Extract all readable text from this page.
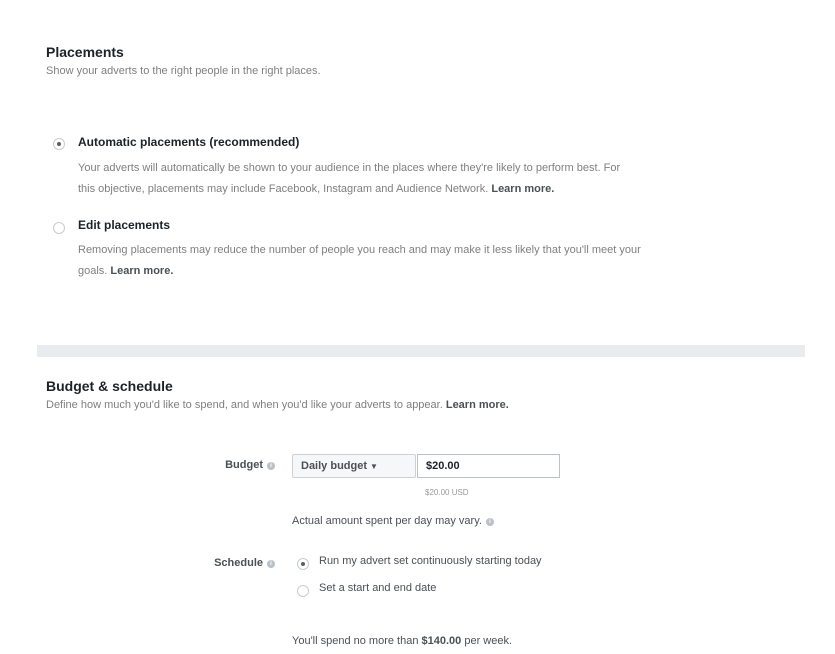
Placements
Show your adverts to the right people in the right places.
Automatic placements (recommended)
Your adverts will automatically be shown to your audience in the places where they're likely to perform best. For
this objective, placements may include Facebook, Instagram and Audience Network. Learn more.
Edit placements
Removing placements may reduce the number of people you reach and may make it less likely that you'll meet your
goals. Learn more.
Budget & schedule
Define how much you'd like to spend, and when you'd like your adverts to appear. Learn more.
Budget i	Daily budget ▼	$20.00
$20.00 USD
Actual amount spent per day may vary. i
Schedule i	Run my advert set continuously starting today
Set a start and end date
You'll spend no more than $140.00 per week.
